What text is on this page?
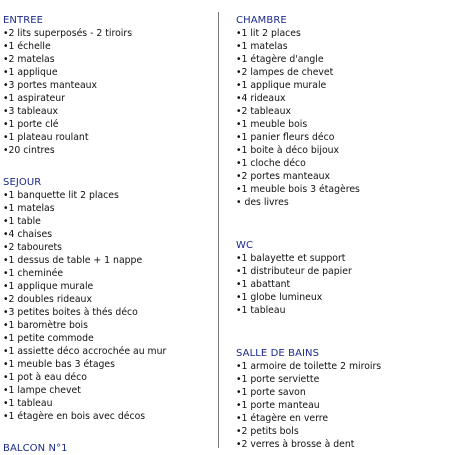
ENTREE
•2 lits superposés - 2 tiroirs
•1 échelle
•2 matelas
•1 applique
•3 portes manteaux
•1 aspirateur
•3 tableaux
•1 porte clé
•1 plateau roulant
•20 cintres
SEJOUR
•1 banquette lit 2 places
•1 matelas
•1 table
•4 chaises
•2 tabourets
•1 dessus de table + 1 nappe
•1 cheminée
•1 applique murale
•2 doubles rideaux
•3 petites boites à thés déco
•1 baromètre bois
•1 petite commode
•1 assiette déco accrochée au mur
•1 meuble bas 3 étages
•1 pot à eau déco
•1 lampe chevet
•1 tableau
•1 étagère en bois avec décos
BALCON N°1
CHAMBRE
•1 lit 2 places
•1 matelas
•1 étagère d'angle
•2 lampes de chevet
•1 applique murale
•4 rideaux
•2 tableaux
•1 meuble bois
•1 panier fleurs déco
•1 boite à déco bijoux
•1 cloche déco
•2 portes manteaux
•1 meuble bois 3 étagères
• des livres
WC
•1 balayette et support
•1 distributeur de papier
•1 abattant
•1 globe lumineux
•1 tableau
SALLE DE BAINS
•1 armoire de toilette 2 miroirs
•1 porte serviette
•1 porte savon
•1 porte manteau
•1 étagère en verre
•2 petits bols
•2 verres à brosse à dent
